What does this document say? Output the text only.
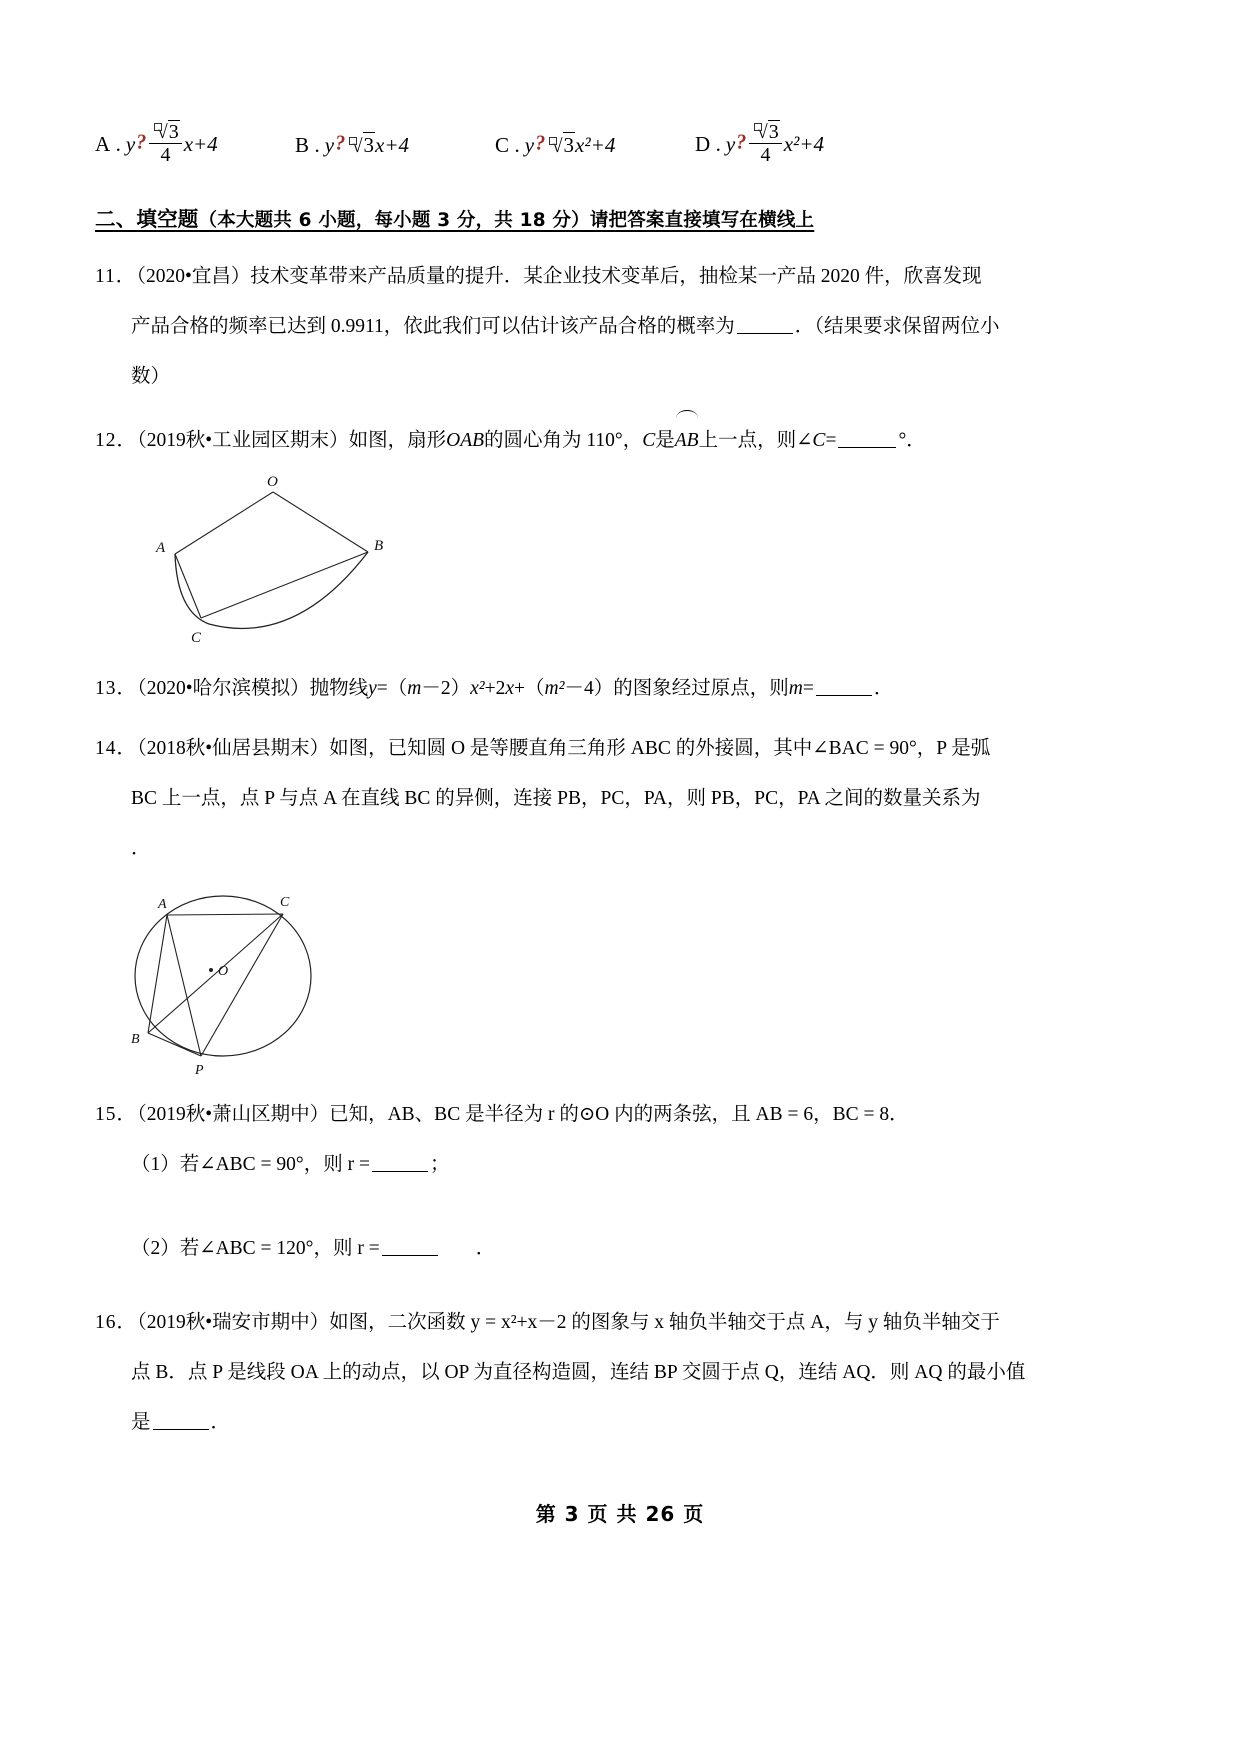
A . y ¿ $\frac{√3}{4} x+4$	B . y ¿ √3 x+4	C . y ¿ √3 x²+4	D . y ¿ $\frac{√3}{4} x^2+4$
二、填空题（本大题共 6 小题，每小题 3 分，共 18 分）请把答案直接填写在横线上
11．（2020•宜昌）技术变革带来产品质量的提升．某企业技术变革后，抽检某一产品 2020 件，欣喜发现
产品合格的频率已达到 0.9911，依此我们可以估计该产品合格的概率为	．（结果要求保留两位小
数）
12．（2019秋•工业园区期末）如图，扇形OAB的圆心角为 110°，C是AB上一点，则∠C=	°．
O
A	B
C
13．（2020•哈尔滨模拟）抛物线y=（m－2）x²+2x+（m²－4）的图象经过原点，则m=	．
14．（2018秋•仙居县期末）如图，已知圆 O 是等腰直角三角形 ABC 的外接圆，其中∠BAC = 90°，P 是弧
BC 上一点，点 P 与点 A 在直线 BC 的异侧，连接 PB，PC，PA，则 PB，PC，PA 之间的数量关系为
．
A	C
B
O
P
15．（2019秋•萧山区期中）已知，AB、BC 是半径为 r 的⊙O 内的两条弦，且 AB = 6，BC = 8．
（1）若∠ABC = 90°，则 r =	；
（2）若∠ABC = 120°，则 r =	．
16．（2019秋•瑞安市期中）如图，二次函数 y = x²+x－2 的图象与 x 轴负半轴交于点 A，与 y 轴负半轴交于
点 B．点 P 是线段 OA 上的动点，以 OP 为直径构造圆，连结 BP 交圆于点 Q，连结 AQ．则 AQ 的最小值
是	．
第 3 页 共 26 页
